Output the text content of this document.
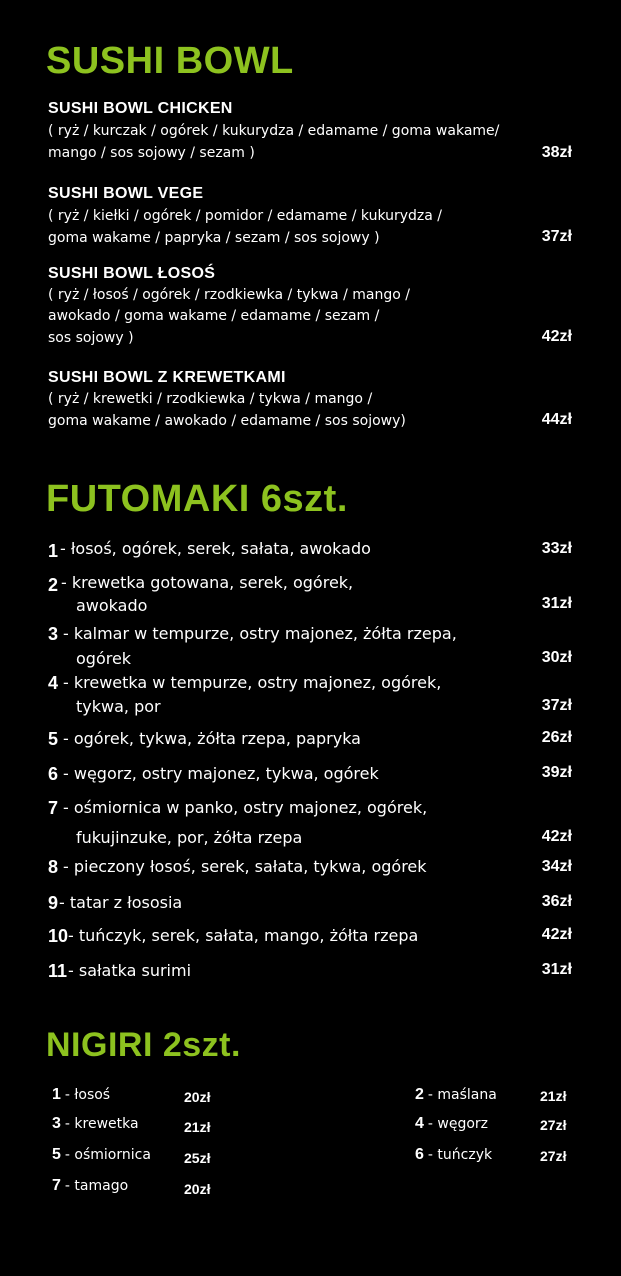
SUSHI BOWL
SUSHI BOWL CHICKEN
( ryż / kurczak / ogórek / kukurydza / edamame / goma wakame/
mango / sos sojowy / sezam )	38zł
SUSHI BOWL VEGE
( ryż / kiełki / ogórek / pomidor / edamame / kukurydza /
goma wakame / papryka / sezam / sos sojowy )	37zł
SUSHI BOWL ŁOSOŚ
( ryż / łosoś / ogórek / rzodkiewka / tykwa / mango /
awokado / goma wakame / edamame / sezam /
sos sojowy )	42zł
SUSHI BOWL Z KREWETKAMI
( ryż / krewetki / rzodkiewka / tykwa / mango /
goma wakame / awokado / edamame / sos sojowy)	44zł
FUTOMAKI 6szt.
1 - łosoś, ogórek, serek, sałata, awokado	33zł
2 - krewetka gotowana, serek, ogórek,
awokado	31zł
3 - kalmar w tempurze, ostry majonez, żółta rzepa,
ogórek	30zł
4 - krewetka w tempurze, ostry majonez, ogórek,
tykwa, por	37zł
5 - ogórek, tykwa, żółta rzepa, papryka	26zł
6 - węgorz, ostry majonez, tykwa, ogórek	39zł
7 - ośmiornica w panko, ostry majonez, ogórek,
fukujinzuke, por, żółta rzepa	42zł
8 - pieczony łosoś, serek, sałata, tykwa, ogórek	34zł
9 - tatar z łososia	36zł
10 - tuńczyk, serek, sałata, mango, żółta rzepa	42zł
11 - sałatka surimi	31zł
NIGIRI 2szt.
1 - łosoś	20zł
3 - krewetka	21zł
5 - ośmiornica 25zł
7 - tamago	20zł
2 - maślana	21zł
4 - węgorz	27zł
6 - tuńczyk	27zł
